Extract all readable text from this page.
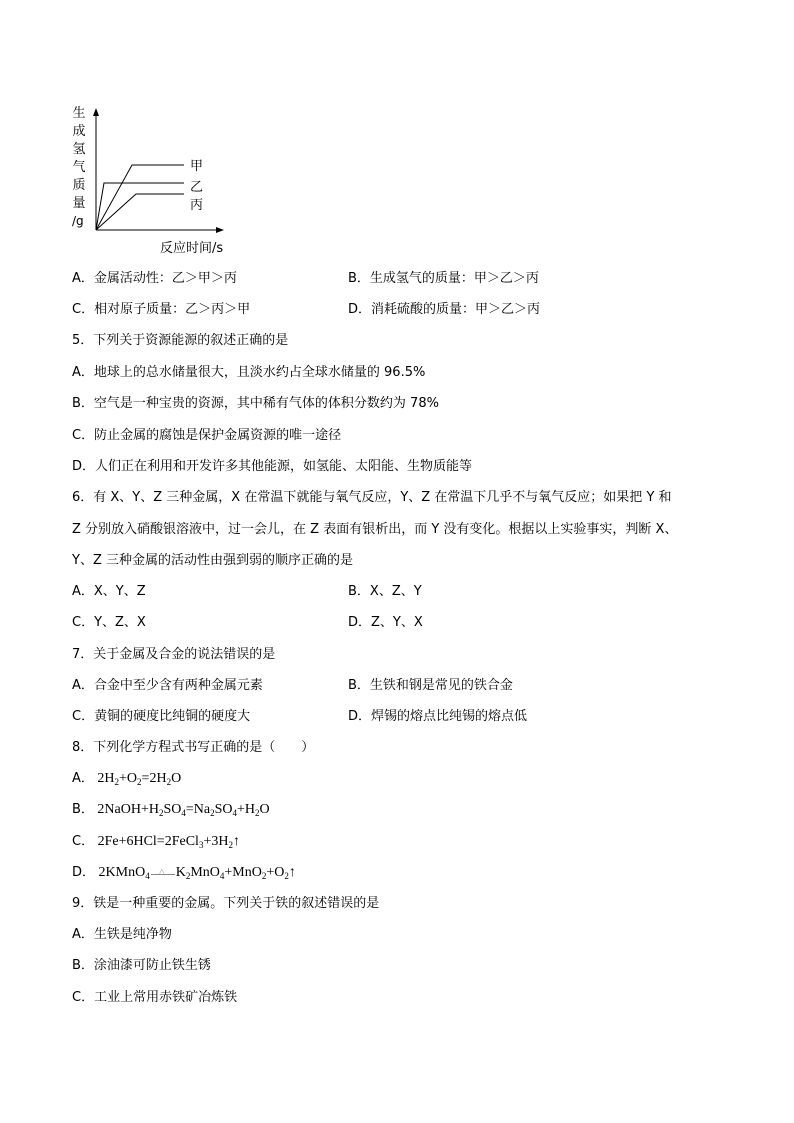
生
成
氢
气
质
量
/g
甲
乙
丙
反应时间/s
A．金属活动性：乙＞甲＞丙	B．生成氢气的质量：甲＞乙＞丙
C．相对原子质量：乙＞丙＞甲	D．消耗硫酸的质量：甲＞乙＞丙
5．下列关于资源能源的叙述正确的是
A．地球上的总水储量很大，且淡水约占全球水储量的 96.5%
B．空气是一种宝贵的资源，其中稀有气体的体积分数约为 78%
C．防止金属的腐蚀是保护金属资源的唯一途径
D．人们正在利用和开发许多其他能源，如氢能、太阳能、生物质能等
6．有 X、Y、Z 三种金属，X 在常温下就能与氧气反应，Y、Z 在常温下几乎不与氧气反应；如果把 Y 和
Z 分别放入硝酸银溶液中，过一会儿，在 Z 表面有银析出，而 Y 没有变化。根据以上实验事实，判断 X、
Y、Z 三种金属的活动性由强到弱的顺序正确的是
A．X、Y、Z	B．X、Z、Y
C．Y、Z、X	D．Z、Y、X
7．关于金属及合金的说法错误的是
A．合金中至少含有两种金属元素	B．生铁和钢是常见的铁合金
C．黄铜的硬度比纯铜的硬度大	D．焊锡的熔点比纯锡的熔点低
8．下列化学方程式书写正确的是（　　）
A． $2H_2+O_2=2H_2O$
B． $2NaOH+H_2SO_4=Na_2SO_4+H_2O$
C． $2Fe+6HCl=2FeCl_3+3H_2↑$
D． 2KMnO$_4$ △ $K_2MnO_4+MnO_2+O_2↑$
9．铁是一种重要的金属。下列关于铁的叙述错误的是
A．生铁是纯净物
B．涂油漆可防止铁生锈
C．工业上常用赤铁矿冶炼铁
